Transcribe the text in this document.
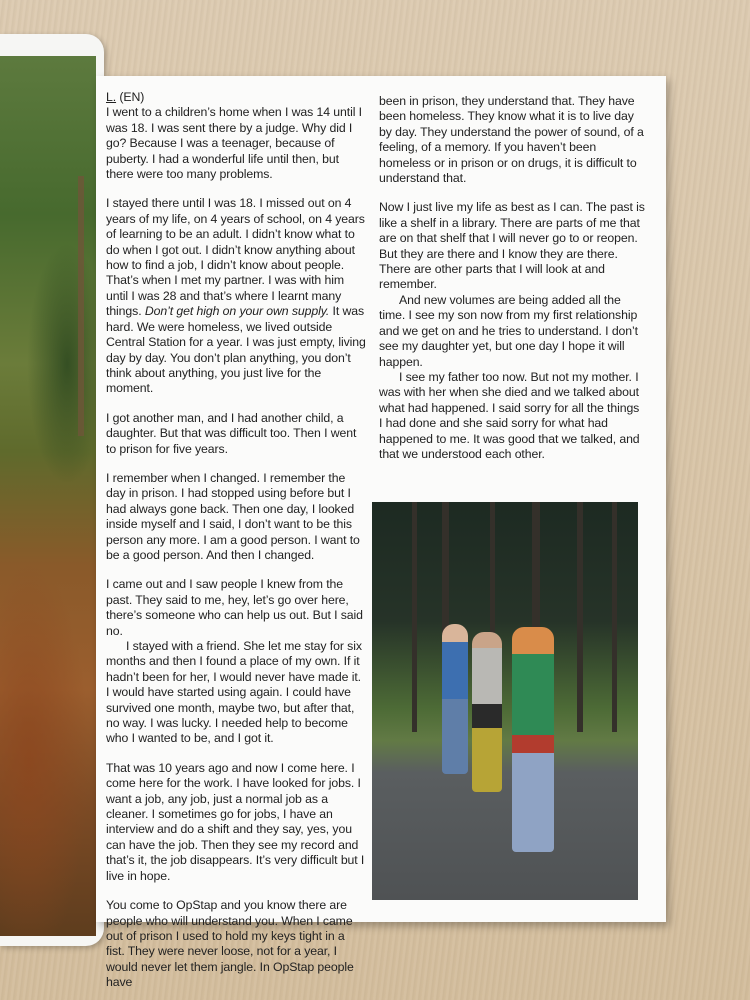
L. (EN)

I went to a children’s home when I was 14 until I was 18. I was sent there by a judge. Why did I go? Because I was a teenager, because of puberty. I had a wonderful life until then, but there were too many problems.

I stayed there until I was 18. I missed out on 4 years of my life, on 4 years of school, on 4 years of learning to be an adult. I didn’t know what to do when I got out. I didn’t know anything about how to find a job, I didn’t know about people. That’s when I met my partner. I was with him until I was 28 and that’s where I learnt many things. Don’t get high on your own supply. It was hard. We were homeless, we lived outside Central Station for a year. I was just empty, living day by day. You don’t plan anything, you don’t think about anything, you just live for the moment.

I got another man, and I had another child, a daughter. But that was difficult too. Then I went to prison for five years.

I remember when I changed. I remember the day in prison. I had stopped using before but I had always gone back. Then one day, I looked inside myself and I said, I don’t want to be this person any more. I am a good person. I want to be a good person. And then I changed.

I came out and I saw people I knew from the past. They said to me, hey, let’s go over here, there’s someone who can help us out. But I said no.

I stayed with a friend. She let me stay for six months and then I found a place of my own. If it hadn’t been for her, I would never have made it. I would have started using again. I could have survived one month, maybe two, but after that, no way. I was lucky. I needed help to become who I wanted to be, and I got it.

That was 10 years ago and now I come here. I come here for the work. I have looked for jobs. I want a job, any job, just a normal job as a cleaner. I sometimes go for jobs, I have an interview and do a shift and they say, yes, you can have the job. Then they see my record and that’s it, the job disappears. It’s very difficult but I live in hope.

You come to OpStap and you know there are people who will understand you. When I came out of prison I used to hold my keys tight in a fist. They were never loose, not for a year, I would never let them jangle. In OpStap people have

been in prison, they understand that. They have been homeless. They know what it is to live day by day. They understand the power of sound, of a feeling, of a memory. If you haven’t been homeless or in prison or on drugs, it is difficult to understand that.

Now I just live my life as best as I can. The past is like a shelf in a library. There are parts of me that are on that shelf that I will never go to or reopen. But they are there and I know they are there. There are other parts that I will look at and remember.

And new volumes are being added all the time. I see my son now from my first relationship and we get on and he tries to understand. I don’t see my daughter yet, but one day I hope it will happen.

I see my father too now. But not my mother. I was with her when she died and we talked about what had happened. I said sorry for all the things I had done and she said sorry for what had happened to me. It was good that we talked, and that we understood each other.
